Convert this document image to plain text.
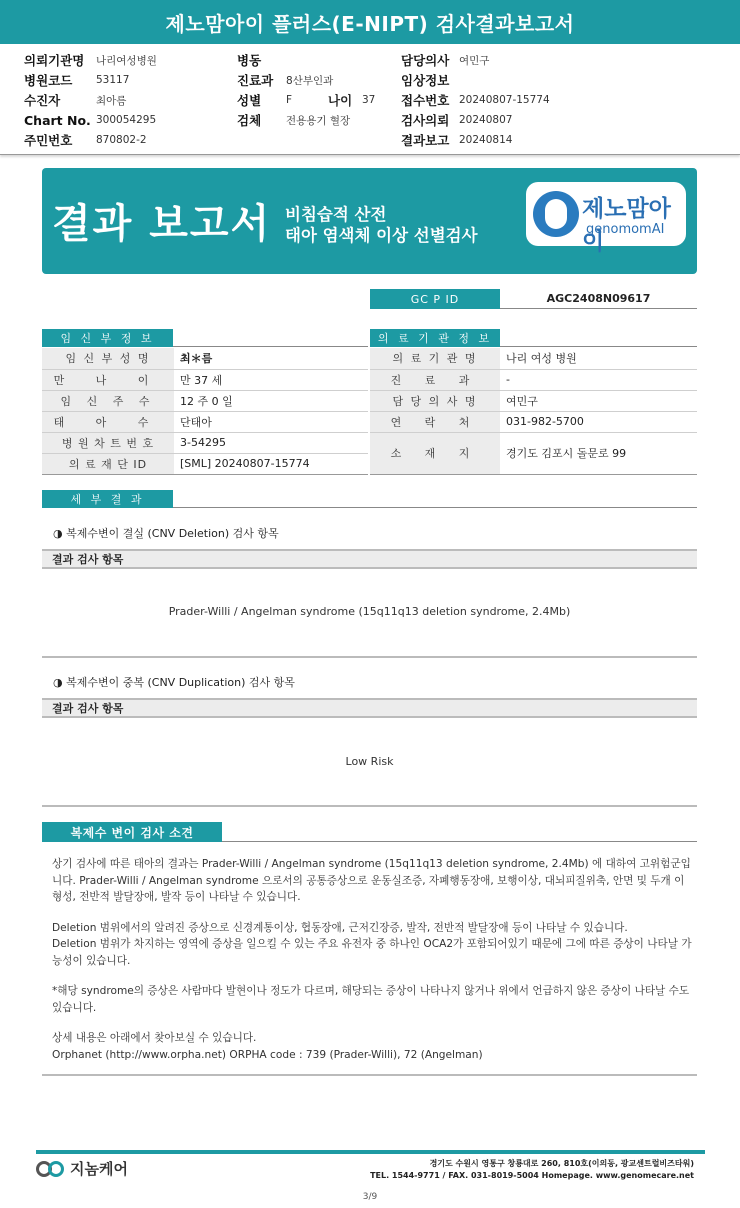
제노맘아이 플러스(E-NIPT) 검사결과보고서
의뢰기관명	나리여성병원
병원코드	53117
수진자	최아름
Chart No. 300054295
주민번호	870802-2
병동
진료과	8산부인과
성별	F	나이 37
검체	전용용기 혈장
담당의사 여민구
임상정보
접수번호 20240807-15774
검사의뢰 20240807
결과보고 20240814
결과 보고서 비침습적 산전
태아 염색체 이상 선별검사
제노맘아이
genomomAI
GC P ID	AGC2408N09617
임 신 부 정 보	의 료 기 관 정 보
임 신 부 성 명	최＊름
만 나 이	만 37 세
임 신 주 수	12 주 0 일
태 아 수	단태아
병 원 차 트 번 호	3-54295
의 료 재 단 ID	[SML] 20240807-15774
의 료 기 관 명	나리 여성 병원
진 료 과	-
담 당 의 사 명	여민구
연 락 처	031-982-5700
소 재 지	경기도 김포시 돌문로 99
세 부 결 과
◑ 복제수변이 결실 (CNV Deletion) 검사 항목
결과 검사 항목
Prader-Willi / Angelman syndrome (15q11q13 deletion syndrome, 2.4Mb)
◑ 복제수변이 중복 (CNV Duplication) 검사 항목
결과 검사 항목
Low Risk
복제수 변이 검사 소견

상기 검사에 따른 태아의 결과는 Prader-Willi / Angelman syndrome (15q11q13 deletion syndrome, 2.4Mb) 에 대하여 고위험군입니다. Prader-Willi / Angelman syndrome 으로서의 공통증상으로 운동실조증, 자폐행동장애, 보행이상, 대뇌피질위축, 안면 및 두개 이형성, 전반적 발달장애, 발작 등이 나타날 수 있습니다.

Deletion 범위에서의 알려진 증상으로 신경계통이상, 협동장애, 근저긴장증, 발작, 전반적 발달장애 등이 나타날 수 있습니다.
Deletion 범위가 차지하는 영역에 증상을 일으킬 수 있는 주요 유전자 중 하나인 OCA2가 포함되어있기 때문에 그에 따른 증상이 나타날 가능성이 있습니다.

*해당 syndrome의 증상은 사람마다 발현이나 정도가 다르며, 해당되는 증상이 나타나지 않거나 위에서 언급하지 않은 증상이 나타날 수도 있습니다.

상세 내용은 아래에서 찾아보실 수 있습니다.
Orphanet (http://www.orpha.net) ORPHA code : 739 (Prader-Willi), 72 (Angelman)

지놈케어	경기도 수원시 영통구 창룡대로 260, 810호(이의동, 광교센트럴비즈타워)
TEL. 1544-9771 / FAX. 031-8019-5004 Homepage. www.genomecare.net
3/9
